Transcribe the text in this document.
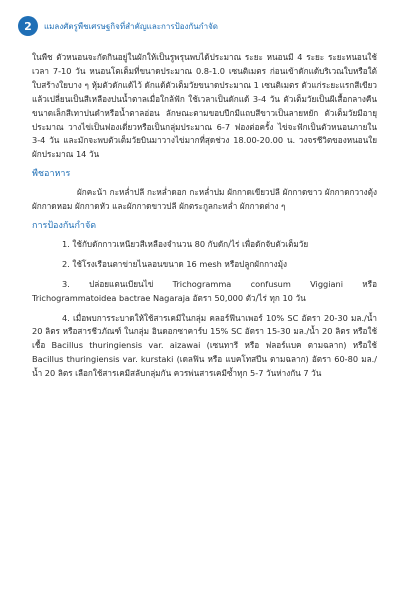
2	แมลงศัตรูพืชเศรษฐกิจที่สำคัญและการป้องกันกำจัด

ในพืช ตัวหนอนจะกัดกินอยู่ในผักให้เป็นรูพรุนพบได้ประมาณ ระยะ หนอนมี 4 ระยะ ระยะหนอนใช้เวลา 7-10 วัน หนอนโตเต็มที่ขนาดประมาณ 0.8-1.0 เซนติเมตร ก่อนเข้าดักแด้บริเวณใบหรือใต้ใบสร้างใยบาง ๆ หุ้มตัวดักแด้ไว้ ดักแด้ตัวเต็มวัยขนาดประมาณ 1 เซนติเมตร ตัวแก่ระยะแรกสีเขียว แล้วเปลี่ยนเป็นสีเหลืองปนน้ำตาลเมื่อใกล้ฟัก ใช้เวลาเป็นดักแด้ 3-4 วัน ตัวเต็มวัยเป็นผีเสื้อกลางคืนขนาดเล็กสีเทาปนดำหรือน้ำตาลอ่อน ลักษณะตามขอบปีกมีแถบสีขาวเป็นลายหยัก ตัวเต็มวัยมีอายุประมาณ วางไข่เป็นฟองเดี่ยวหรือเป็นกลุ่มประมาณ 6-7 ฟองต่อครั้ง ไข่จะฟักเป็นตัวหนอนภายใน 3-4 วัน และมักจะพบตัวเต็มวัยบินมาวางไข่มากที่สุดช่วง 18.00-20.00 น. วงจรชีวิตของหนอนใยผักประมาณ 14 วัน

พืชอาหาร

ผักคะน้า กะหล่ำปลี กะหล่ำดอก กะหล่ำปม ผักกาดเขียวปลี ผักกาดขาว ผักกาดกวางตุ้ง ผักกาดหอม ผักกาดหัว และผักกาดขาวปลี ผักตระกูลกะหล่ำ ผักกาดต่าง ๆ

การป้องกันกำจัด

1. ใช้กับดักกาวเหนียวสีเหลืองจำนวน 80 กับดัก/ไร่ เพื่อดักจับตัวเต็มวัย

2. ใช้โรงเรือนตาข่ายไนลอนขนาด 16 mesh หรือปลูกผักกางมุ้ง

3. ปล่อยแตนเบียนไข่ Trichogramma confusum Viggiani หรือ Trichogrammatoidea bactrae Nagaraja อัตรา 50,000 ตัว/ไร่ ทุก 10 วัน

4. เมื่อพบการระบาดให้ใช้สารเคมีในกลุ่ม คลอร์ฟีนาเพอร์ 10% SC อัตรา 20-30 มล./น้ำ 20 ลิตร หรือสารชีวภัณฑ์ ในกลุ่ม อินดอกซาคาร์บ 15% SC อัตรา 15-30 มล./น้ำ 20 ลิตร หรือใช้เชื้อ Bacillus thuringiensis var. aizawai (เซนทารี หรือ ฟลอร์แบค ตามฉลาก) หรือใช้ Bacillus thuringiensis var. kurstaki (เดลฟิน หรือ แบคโทสปีน ตามฉลาก) อัตรา 60-80 มล./น้ำ 20 ลิตร เลือกใช้สารเคมีสลับกลุ่มกัน ควรพ่นสารเคมีซ้ำทุก 5-7 วันห่างกัน 7 วัน
